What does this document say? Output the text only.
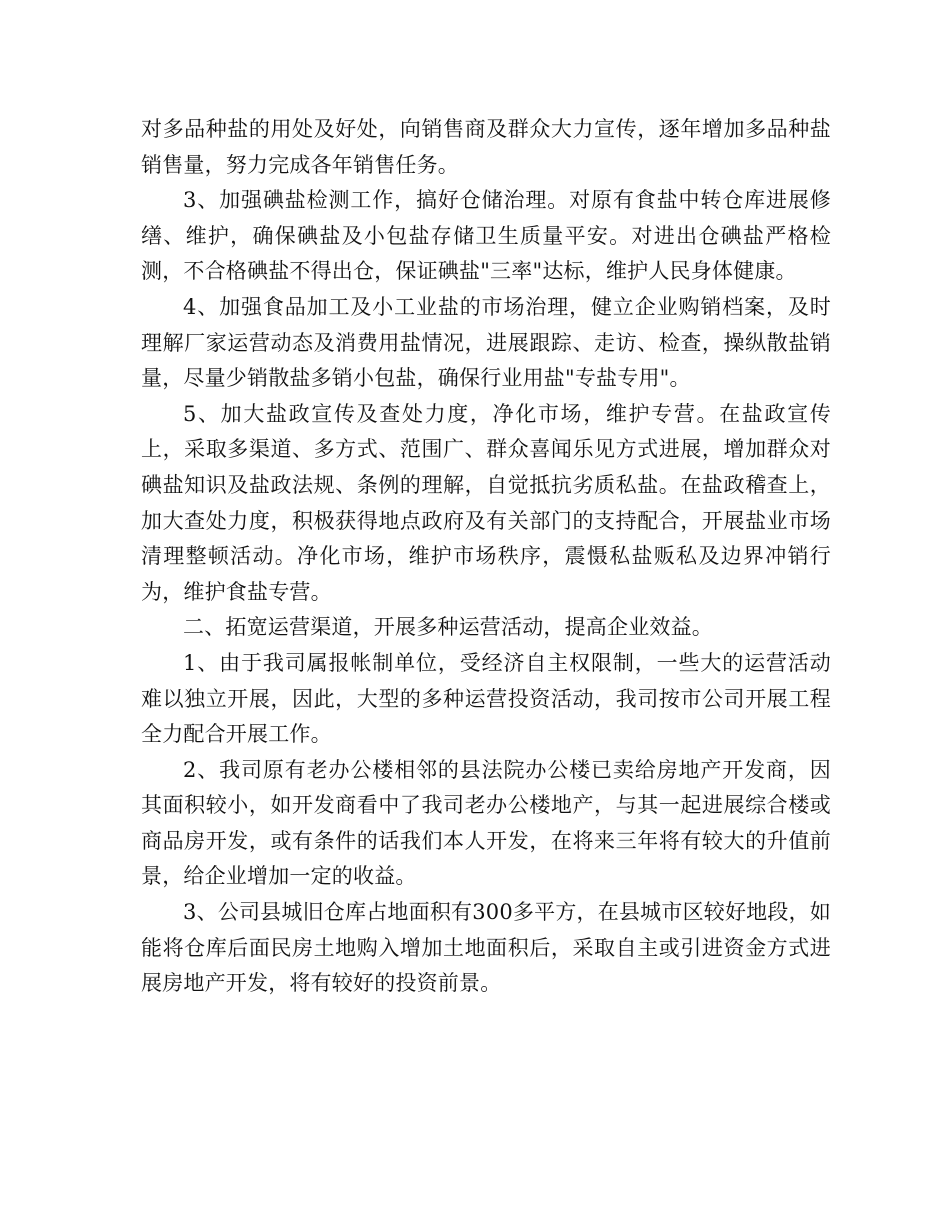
对多品种盐的用处及好处，向销售商及群众大力宣传，逐年增加多品种盐销售量，努力完成各年销售任务。

3、加强碘盐检测工作，搞好仓储治理。对原有食盐中转仓库进展修缮、维护，确保碘盐及小包盐存储卫生质量平安。对进出仓碘盐严格检测，不合格碘盐不得出仓，保证碘盐"三率"达标，维护人民身体健康。

4、加强食品加工及小工业盐的市场治理，健立企业购销档案，及时理解厂家运营动态及消费用盐情况，进展跟踪、走访、检查，操纵散盐销量，尽量少销散盐多销小包盐，确保行业用盐"专盐专用"。

5、加大盐政宣传及查处力度，净化市场，维护专营。在盐政宣传上，采取多渠道、多方式、范围广、群众喜闻乐见方式进展，增加群众对碘盐知识及盐政法规、条例的理解，自觉抵抗劣质私盐。在盐政稽查上，加大查处力度，积极获得地点政府及有关部门的支持配合，开展盐业市场清理整顿活动。净化市场，维护市场秩序，震慑私盐贩私及边界冲销行为，维护食盐专营。

二、拓宽运营渠道，开展多种运营活动，提高企业效益。

1、由于我司属报帐制单位，受经济自主权限制，一些大的运营活动难以独立开展，因此，大型的多种运营投资活动，我司按市公司开展工程全力配合开展工作。

2、我司原有老办公楼相邻的县法院办公楼已卖给房地产开发商，因其面积较小，如开发商看中了我司老办公楼地产，与其一起进展综合楼或商品房开发，或有条件的话我们本人开发，在将来三年将有较大的升值前景，给企业增加一定的收益。

3、公司县城旧仓库占地面积有300多平方，在县城市区较好地段，如能将仓库后面民房土地购入增加土地面积后，采取自主或引进资金方式进展房地产开发，将有较好的投资前景。
